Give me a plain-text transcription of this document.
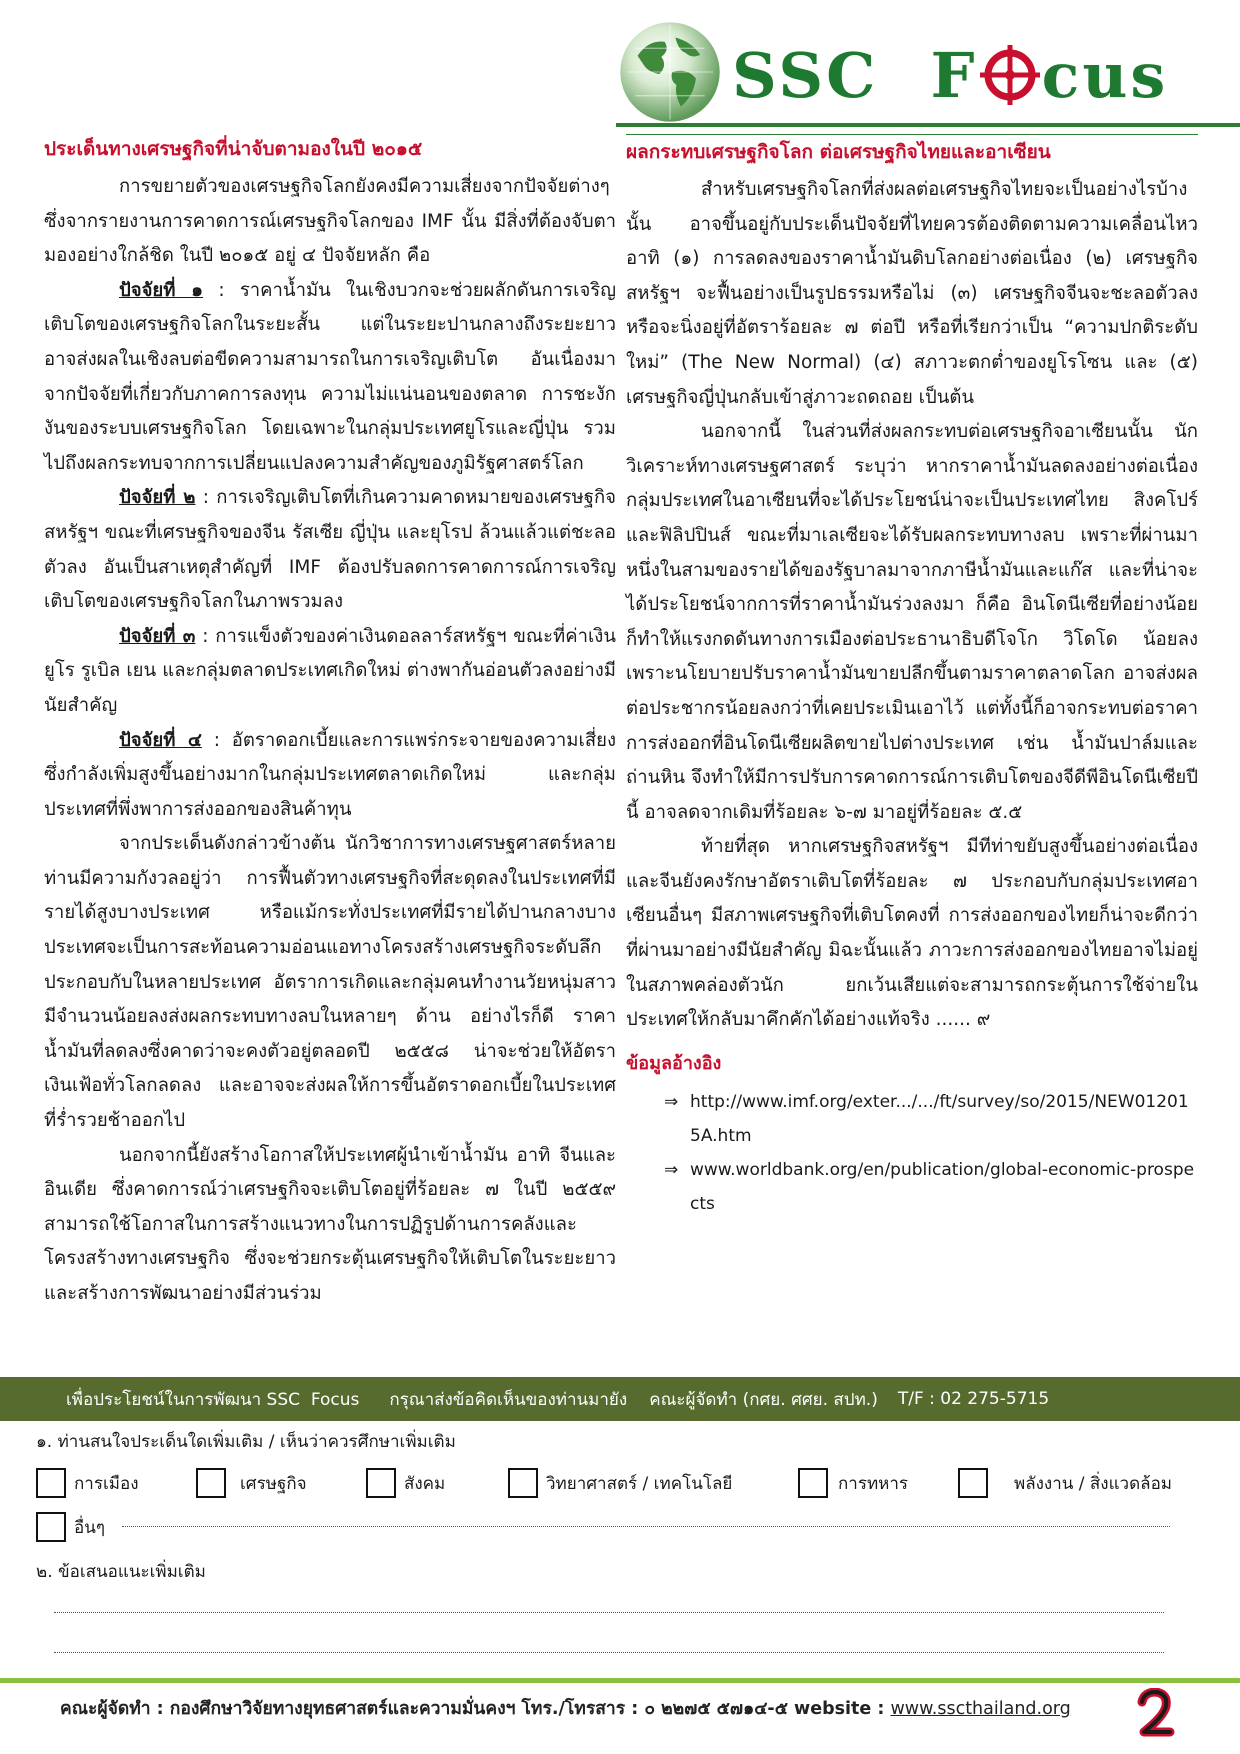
SSC F cus
ประเด็นทางเศรษฐกิจที่น่าจับตามองในปี ๒๐๑๕

การขยายตัวของเศรษฐกิจโลกยังคงมีความเสี่ยงจากปัจจัยต่างๆ ซึ่งจากรายงานการคาดการณ์เศรษฐกิจโลกของ IMF นั้น มีสิ่งที่ต้องจับตามองอย่างใกล้ชิด ในปี ๒๐๑๕ อยู่ ๔ ปัจจัยหลัก คือ

ปัจจัยที่ ๑ : ราคาน้ำมัน ในเชิงบวกจะช่วยผลักดันการเจริญเติบโตของเศรษฐกิจโลกในระยะสั้น แต่ในระยะปานกลางถึงระยะยาว อาจส่งผลในเชิงลบต่อขีดความสามารถในการเจริญเติบโต อันเนื่องมาจากปัจจัยที่เกี่ยวกับภาคการลงทุน ความไม่แน่นอนของตลาด การชะงักงันของระบบเศรษฐกิจโลก โดยเฉพาะในกลุ่มประเทศยูโรและญี่ปุ่น รวมไปถึงผลกระทบจากการเปลี่ยนแปลงความสำคัญของภูมิรัฐศาสตร์โลก

ปัจจัยที่ ๒ : การเจริญเติบโตที่เกินความคาดหมายของเศรษฐกิจสหรัฐฯ ขณะที่เศรษฐกิจของจีน รัสเซีย ญี่ปุ่น และยุโรป ล้วนแล้วแต่ชะลอตัวลง อันเป็นสาเหตุสำคัญที่ IMF ต้องปรับลดการคาดการณ์การเจริญเติบโตของเศรษฐกิจโลกในภาพรวมลง

ปัจจัยที่ ๓ : การแข็งตัวของค่าเงินดอลลาร์สหรัฐฯ ขณะที่ค่าเงินยูโร รูเบิล เยน และกลุ่มตลาดประเทศเกิดใหม่ ต่างพากันอ่อนตัวลงอย่างมีนัยสำคัญ

ปัจจัยที่ ๔ : อัตราดอกเบี้ยและการแพร่กระจายของความเสี่ยง ซึ่งกำลังเพิ่มสูงขึ้นอย่างมากในกลุ่มประเทศตลาดเกิดใหม่ และกลุ่มประเทศที่พึ่งพาการส่งออกของสินค้าทุน

จากประเด็นดังกล่าวข้างต้น นักวิชาการทางเศรษฐศาสตร์หลายท่านมีความกังวลอยู่ว่า การฟื้นตัวทางเศรษฐกิจที่สะดุดลงในประเทศที่มีรายได้สูงบางประเทศ หรือแม้กระทั่งประเทศที่มีรายได้ปานกลางบางประเทศจะเป็นการสะท้อนความอ่อนแอทางโครงสร้างเศรษฐกิจระดับลึก ประกอบกับในหลายประเทศ อัตราการเกิดและกลุ่มคนทำงานวัยหนุ่มสาวมีจำนวนน้อยลงส่งผลกระทบทางลบในหลายๆ ด้าน อย่างไรก็ดี ราคาน้ำมันที่ลดลงซึ่งคาดว่าจะคงตัวอยู่ตลอดปี ๒๕๕๘ น่าจะช่วยให้อัตราเงินเฟ้อทั่วโลกลดลง และอาจจะส่งผลให้การขึ้นอัตราดอกเบี้ยในประเทศที่ร่ำรวยช้าออกไป

นอกจากนี้ยังสร้างโอกาสให้ประเทศผู้นำเข้าน้ำมัน อาทิ จีนและอินเดีย ซึ่งคาดการณ์ว่าเศรษฐกิจจะเติบโตอยู่ที่ร้อยละ ๗ ในปี ๒๕๕๙ สามารถใช้โอกาสในการสร้างแนวทางในการปฏิรูปด้านการคลังและโครงสร้างทางเศรษฐกิจ ซึ่งจะช่วยกระตุ้นเศรษฐกิจให้เติบโตในระยะยาวและสร้างการพัฒนาอย่างมีส่วนร่วม

ผลกระทบเศรษฐกิจโลก ต่อเศรษฐกิจไทยและอาเซียน

สำหรับเศรษฐกิจโลกที่ส่งผลต่อเศรษฐกิจไทยจะเป็นอย่างไรบ้างนั้น อาจขึ้นอยู่กับประเด็นปัจจัยที่ไทยควรต้องติดตามความเคลื่อนไหว อาทิ (๑) การลดลงของราคาน้ำมันดิบโลกอย่างต่อเนื่อง (๒) เศรษฐกิจสหรัฐฯ จะฟื้นอย่างเป็นรูปธรรมหรือไม่ (๓) เศรษฐกิจจีนจะชะลอตัวลง หรือจะนิ่งอยู่ที่อัตราร้อยละ ๗ ต่อปี หรือที่เรียกว่าเป็น “ความปกติระดับใหม่” (The New Normal) (๔) สภาวะตกต่ำของยูโรโซน และ (๕) เศรษฐกิจญี่ปุ่นกลับเข้าสู่ภาวะถดถอย เป็นต้น

นอกจากนี้ ในส่วนที่ส่งผลกระทบต่อเศรษฐกิจอาเซียนนั้น นักวิเคราะห์ทางเศรษฐศาสตร์ ระบุว่า หากราคาน้ำมันลดลงอย่างต่อเนื่อง กลุ่มประเทศในอาเซียนที่จะได้ประโยชน์น่าจะเป็นประเทศไทย สิงคโปร์ และฟิลิปปินส์ ขณะที่มาเลเซียจะได้รับผลกระทบทางลบ เพราะที่ผ่านมาหนึ่งในสามของรายได้ของรัฐบาลมาจากภาษีน้ำมันและแก๊ส และที่น่าจะได้ประโยชน์จากการที่ราคาน้ำมันร่วงลงมา ก็คือ อินโดนีเซียที่อย่างน้อยก็ทำให้แรงกดดันทางการเมืองต่อประธานาธิบดีโจโก วิโดโด น้อยลง เพราะนโยบายปรับราคาน้ำมันขายปลีกขึ้นตามราคาตลาดโลก อาจส่งผลต่อประชากรน้อยลงกว่าที่เคยประเมินเอาไว้ แต่ทั้งนี้ก็อาจกระทบต่อราคาการส่งออกที่อินโดนีเซียผลิตขายไปต่างประเทศ เช่น น้ำมันปาล์มและถ่านหิน จึงทำให้มีการปรับการคาดการณ์การเติบโตของจีดีพีอินโดนีเซียปีนี้ อาจลดจากเดิมที่ร้อยละ ๖-๗ มาอยู่ที่ร้อยละ ๕.๕

ท้ายที่สุด หากเศรษฐกิจสหรัฐฯ มีทีท่าขยับสูงขึ้นอย่างต่อเนื่อง และจีนยังคงรักษาอัตราเติบโตที่ร้อยละ ๗ ประกอบกับกลุ่มประเทศอาเซียนอื่นๆ มีสภาพเศรษฐกิจที่เติบโตคงที่ การส่งออกของไทยก็น่าจะดีกว่าที่ผ่านมาอย่างมีนัยสำคัญ มิฉะนั้นแล้ว ภาวะการส่งออกของไทยอาจไม่อยู่ในสภาพคล่องตัวนัก ยกเว้นเสียแต่จะสามารถกระตุ้นการใช้จ่ายในประเทศให้กลับมาคึกคักได้อย่างแท้จริง ...... ๙

ข้อมูลอ้างอิง
⇒ http://www.imf.org/exter.../.../ft/survey/so/2015/NEW012015A.htm
⇒ www.worldbank.org/en/publication/global-economic-prospects
เพื่อประโยชน์ในการพัฒนา SSC  Focus กรุณาส่งข้อคิดเห็นของท่านมายัง คณะผู้จัดทำ (กศย. ศศย. สปท.) T/F : 02 275-5715
๑. ท่านสนใจประเด็นใดเพิ่มเติม / เห็นว่าควรศึกษาเพิ่มเติม
การเมือง	เศรษฐกิจ	สังคม	วิทยาศาสตร์ / เทคโนโลยี	การทหาร	พลังงาน / สิ่งแวดล้อม
อื่นๆ
๒. ข้อเสนอแนะเพิ่มเติม
คณะผู้จัดทำ : กองศึกษาวิจัยทางยุทธศาสตร์และความมั่นคงฯ โทร./โทรสาร : ๐ ๒๒๗๕ ๕๗๑๔-๕ website : www.sscthailand.org
